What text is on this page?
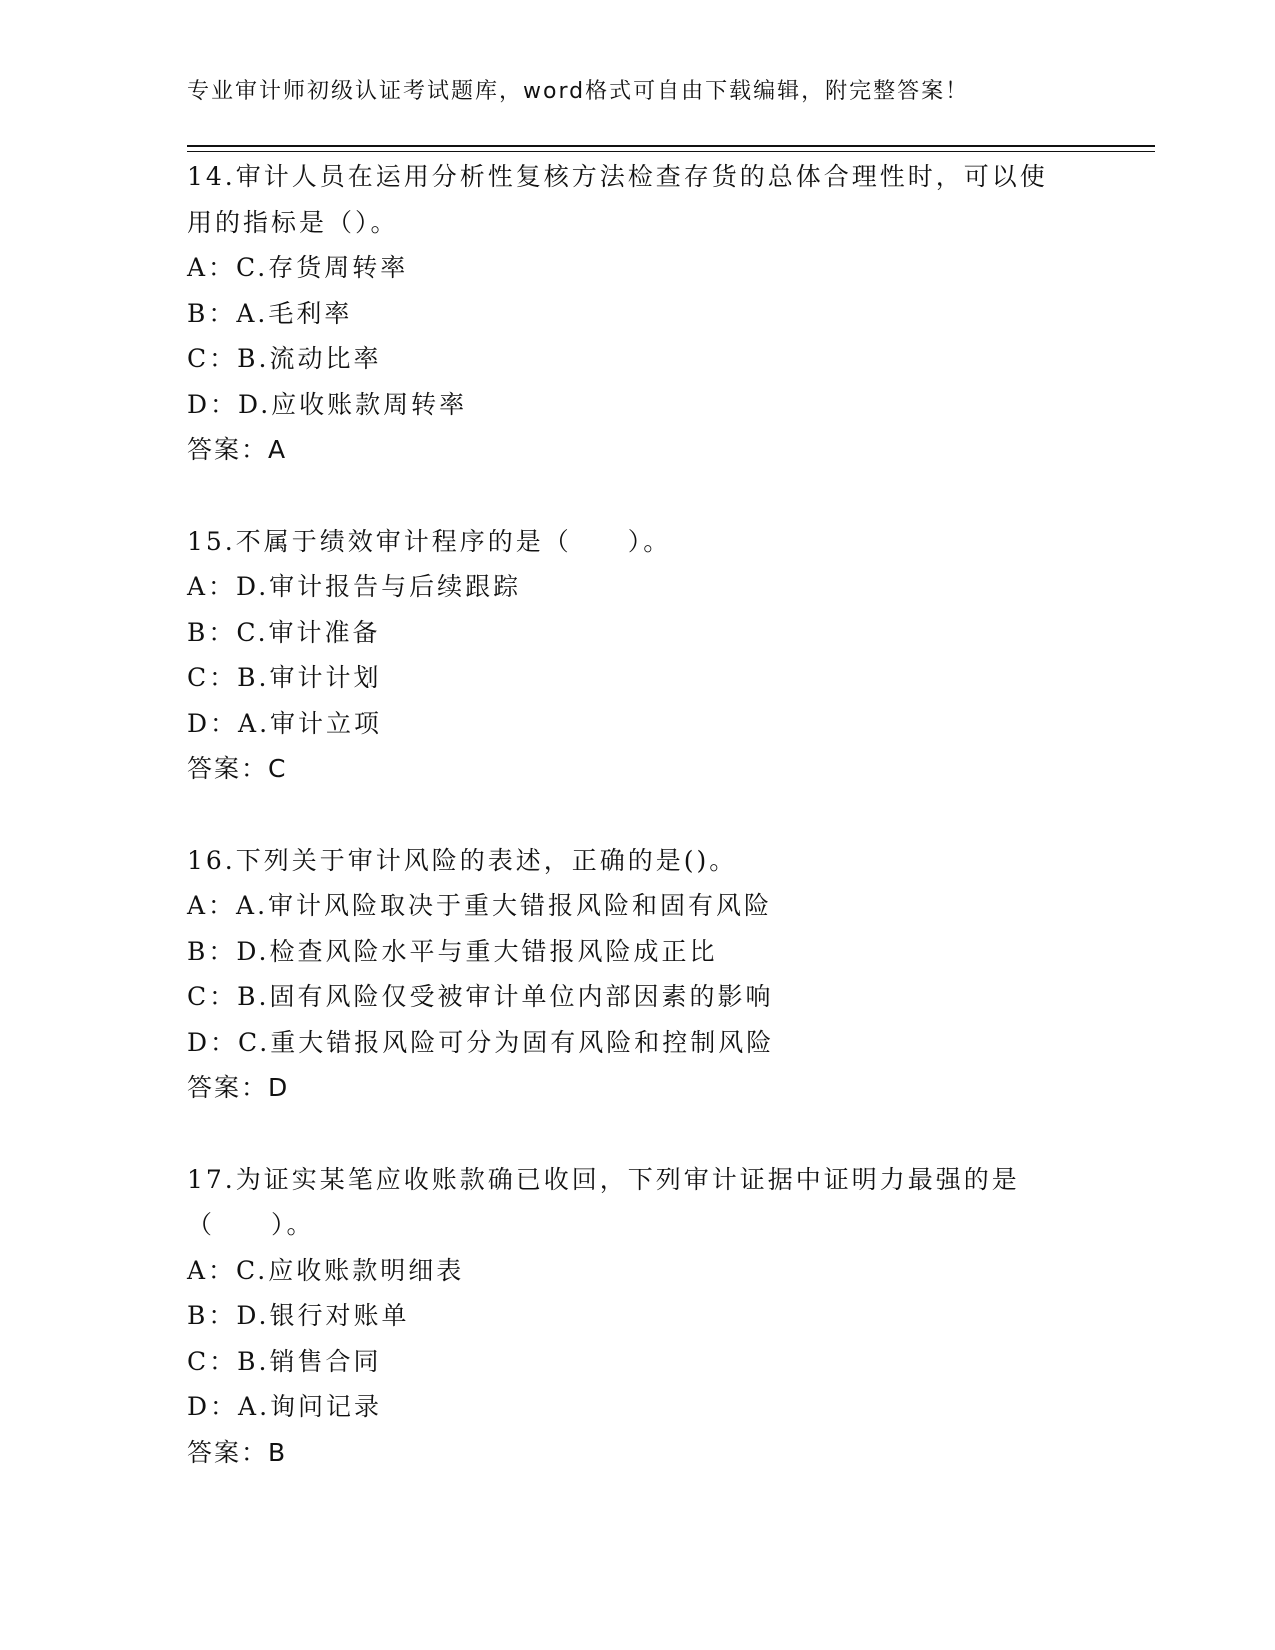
专业审计师初级认证考试题库，word格式可自由下载编辑，附完整答案！
14.审计人员在运用分析性复核方法检查存货的总体合理性时，可以使
用的指标是（）。
A：C.存货周转率
B：A.毛利率
C：B.流动比率
D：D.应收账款周转率
答案：A
15.不属于绩效审计程序的是（　　）。
A：D.审计报告与后续跟踪
B：C.审计准备
C：B.审计计划
D：A.审计立项
答案：C
16.下列关于审计风险的表述，正确的是()。
A：A.审计风险取决于重大错报风险和固有风险
B：D.检查风险水平与重大错报风险成正比
C：B.固有风险仅受被审计单位内部因素的影响
D：C.重大错报风险可分为固有风险和控制风险
答案：D
17.为证实某笔应收账款确已收回，下列审计证据中证明力最强的是
（　　）。
A：C.应收账款明细表
B：D.银行对账单
C：B.销售合同
D：A.询问记录
答案：B
